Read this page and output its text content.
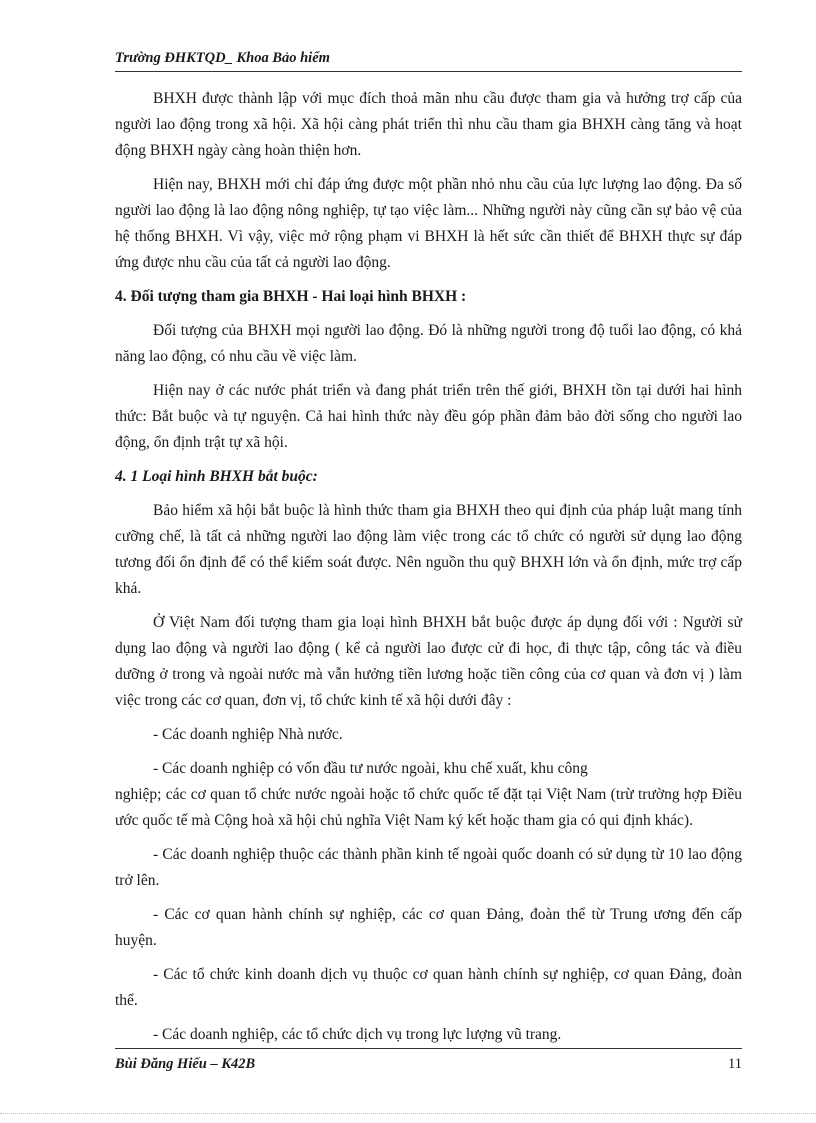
Trường ĐHKTQD_ Khoa Bảo hiểm

BHXH được thành lập với mục đích thoả mãn nhu cầu được tham gia và hưởng trợ cấp của người lao động trong xã hội. Xã hội càng phát triển thì nhu cầu tham gia BHXH càng tăng và hoạt động BHXH ngày càng hoàn thiện hơn.

Hiện nay, BHXH mới chỉ đáp ứng được một phần nhỏ nhu cầu của lực lượng lao động. Đa số người lao động là lao động nông nghiệp, tự tạo việc làm... Những người này cũng cần sự bảo vệ của hệ thống BHXH. Vì vậy, việc mở rộng phạm vi BHXH là hết sức cần thiết để BHXH thực sự đáp ứng được nhu cầu của tất cả người lao động.

4. Đối tượng tham gia BHXH - Hai loại hình BHXH :

Đối tượng của BHXH mọi người lao động. Đó là những người trong độ tuổi lao động, có khả năng lao động, có nhu cầu về việc làm.

Hiện nay ở các nước phát triển và đang phát triển trên thế giới, BHXH tồn tại dưới hai hình thức: Bắt buộc và tự nguyện. Cả hai hình thức này đều góp phần đảm bảo đời sống cho người lao động, ổn định trật tự xã hội.

4. 1 Loại hình BHXH bắt buộc:

Bảo hiểm xã hội bắt buộc là hình thức tham gia BHXH theo qui định của pháp luật mang tính cưỡng chế, là tất cả những người lao động làm việc trong các tổ chức có người sử dụng lao động tương đối ổn định để có thể kiểm soát được. Nên nguồn thu quỹ BHXH lớn và ổn định, mức trợ cấp khá.

Ở Việt Nam đối tượng tham gia loại hình BHXH bắt buộc được áp dụng đối với : Người sử dụng lao động và người lao động ( kể cả người lao được cử đi học, đi thực tập, công tác và điều dưỡng ở trong và ngoài nước mà vẫn hưởng tiền lương hoặc tiền công của cơ quan và đơn vị ) làm việc trong các cơ quan, đơn vị, tổ chức kinh tế xã hội dưới đây :

- Các doanh nghiệp Nhà nước.

- Các doanh nghiệp có vốn đầu tư nước ngoài, khu chế xuất, khu công

nghiệp; các cơ quan tổ chức nước ngoài hoặc tổ chức quốc tế đặt tại Việt Nam (trừ trường hợp Điều ước quốc tế mà Cộng hoà xã hội chủ nghĩa Việt Nam ký kết hoặc tham gia có qui định khác).

- Các doanh nghiệp thuộc các thành phần kinh tế ngoài quốc doanh có sử dụng từ 10 lao động trở lên.

- Các cơ quan hành chính sự nghiệp, các cơ quan Đảng, đoàn thể từ Trung ương đến cấp huyện.

- Các tổ chức kinh doanh dịch vụ thuộc cơ quan hành chính sự nghiệp, cơ quan Đảng, đoàn thể.

- Các doanh nghiệp, các tổ chức dịch vụ trong lực lượng vũ trang.

Bùi Đăng Hiếu – K42B	11
